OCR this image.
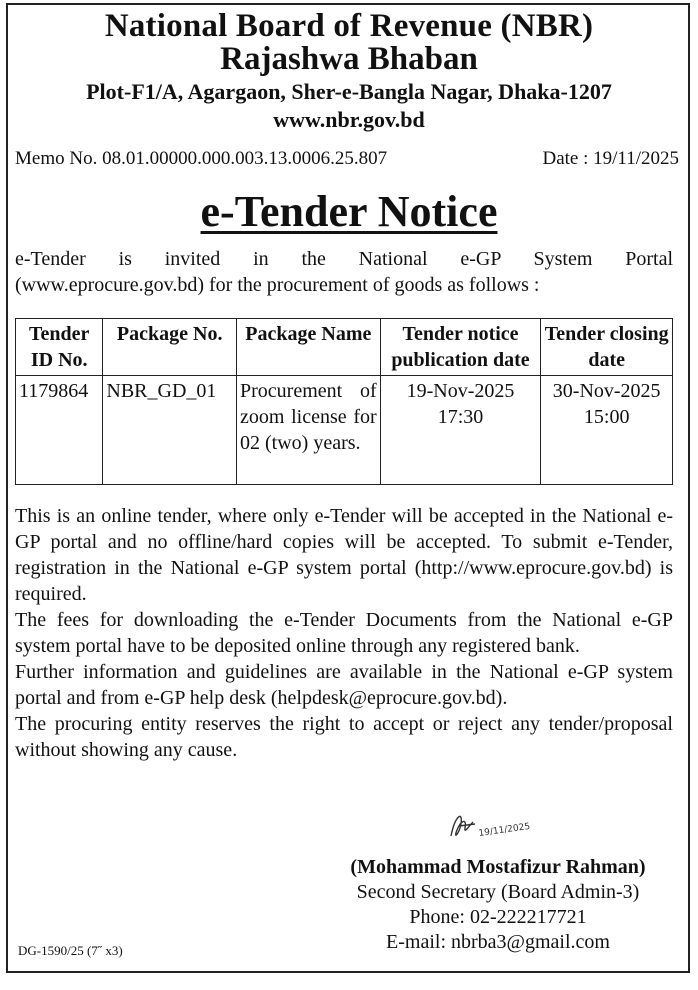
National Board of Revenue (NBR)
Rajashwa Bhaban
Plot-F1/A, Agargaon, Sher-e-Bangla Nagar, Dhaka-1207
www.nbr.gov.bd
Memo No. 08.01.00000.000.003.13.0006.25.807	Date : 19/11/2025
e-Tender Notice
e-Tender is invited in the National e-GP System Portal
(www.eprocure.gov.bd) for the procurement of goods as follows :
Tender ID No.	Package No.	Package Name	Tender notice publication date	Tender closing date
1179864	NBR_GD_01	Procurement of zoom license for 02 (two) years.	19-Nov-2025 17:30	30-Nov-2025 15:00

This is an online tender, where only e-Tender will be accepted in the National e-GP portal and no offline/hard copies will be accepted. To submit e-Tender, registration in the National e-GP system portal (http://www.eprocure.gov.bd) is required.

The fees for downloading the e-Tender Documents from the National e-GP system portal have to be deposited online through any registered bank.

Further information and guidelines are available in the National e-GP system portal and from e-GP help desk (helpdesk@eprocure.gov.bd).

The procuring entity reserves the right to accept or reject any tender/proposal without showing any cause.

19/11/2025
(Mohammad Mostafizur Rahman)
Second Secretary (Board Admin-3)
Phone: 02-222217721
E-mail: nbrba3@gmail.com
DG-1590/25 (7˝ x3)
